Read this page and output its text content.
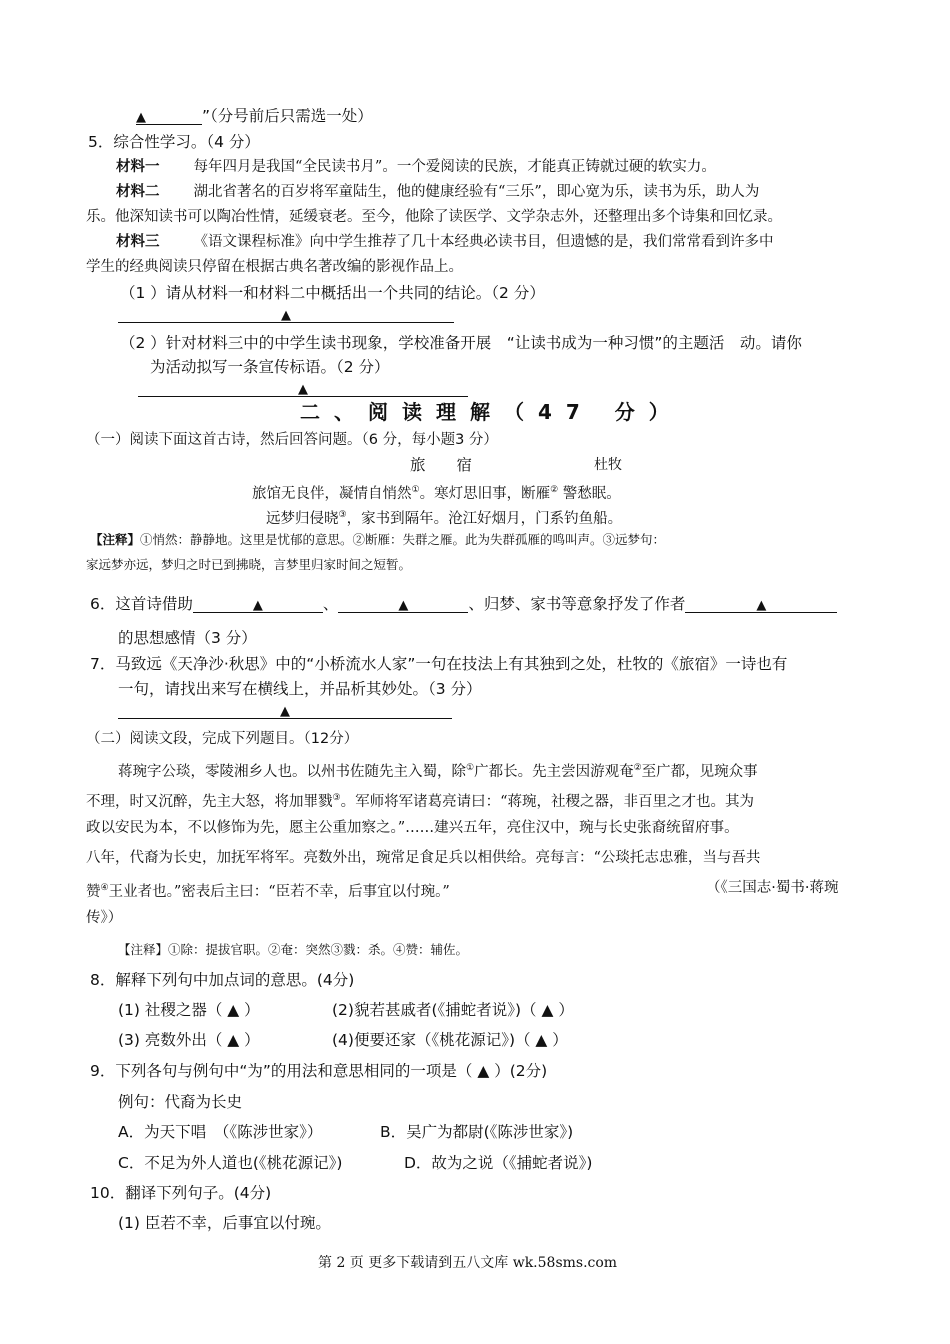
▲	”（分号前后只需选一处）
5．综合性学习。（4 分）
材料一 每年四月是我国“全民读书月”。一个爱阅读的民族，才能真正铸就过硬的软实力。
材料二 湖北省著名的百岁将军童陆生，他的健康经验有“三乐”，即心宽为乐，读书为乐，助人为
乐。他深知读书可以陶冶性情，延缓衰老。至今，他除了读医学、文学杂志外，还整理出多个诗集和回忆录。
材料三 《语文课程标准》向中学生推荐了几十本经典必读书目，但遗憾的是，我们常常看到许多中
学生的经典阅读只停留在根据古典名著改编的影视作品上。
（1 ）请从材料一和材料二中概括出一个共同的结论。（2 分）
▲
（2 ）针对材料三中的中学生读书现象，学校准备开展　“让读书成为一种习惯”的主题活　动。请你
为活动拟写一条宣传标语。（2 分）
▲
二、阅读理解（47 分）
（一）阅读下面这首古诗，然后回答问题。（6 分，每小题3 分）
旅　　宿	杜牧
旅馆无良伴，凝情自悄然①。寒灯思旧事，断雁② 警愁眠。
远梦归侵晓③，家书到隔年。沧江好烟月，门系钓鱼船。
【注释】①悄然：静静地。这里是忧郁的意思。②断雁：失群之雁。此为失群孤雁的鸣叫声。③远梦句：
家远梦亦远，梦归之时已到拂晓，言梦里归家时间之短暂。
6．这首诗借助	▲	、	▲	、归梦、家书等意象抒发了作者	▲
的思想感情（3 分）
7．马致远《天净沙·秋思》中的“小桥流水人家”一句在技法上有其独到之处，杜牧的《旅宿》一诗也有
一句，请找出来写在横线上，并品析其妙处。（3 分）
▲
（二）阅读文段，完成下列题目。（12分）
蒋琬字公琰，零陵湘乡人也。以州书佐随先主入蜀，除①广都长。先主尝因游观奄②至广都，见琬众事
不理，时又沉醉，先主大怒，将加罪戮③。军师将军诸葛亮请曰：“蒋琬，社稷之器，非百里之才也。其为
政以安民为本，不以修饰为先，愿主公重加察之。”……建兴五年，亮住汉中，琬与长史张裔统留府事。
八年，代裔为长史，加抚军将军。亮数外出，琬常足食足兵以相供给。亮每言：“公琰托志忠雅，当与吾共
赞④王业者也。”密表后主曰：“臣若不幸，后事宜以付琬。”	（《三国志·蜀书·蒋琬
传》）
【注释】①除：提拔官职。②奄：突然③戮：杀。④赞：辅佐。
8．解释下列句中加点词的意思。(4分)
(1) 社稷之器（ ▲ ）	(2)貌若甚戚者(《捕蛇者说》)（ ▲ ）
(3) 亮数外出（ ▲ ）	(4)便要还家（《桃花源记》)（ ▲ ）
9．下列各句与例句中“为”的用法和意思相同的一项是（ ▲ ）(2分)
例句：代裔为长史
A．为天下唱　（《陈涉世家》）	B．吴广为都尉(《陈涉世家》)
C．不足为外人道也(《桃花源记》)	D．故为之说（《捕蛇者说》)
10．翻译下列句子。(4分)
(1) 臣若不幸，后事宜以付琬。
第 2 页 更多下载请到五八文库 wk.58sms.com
